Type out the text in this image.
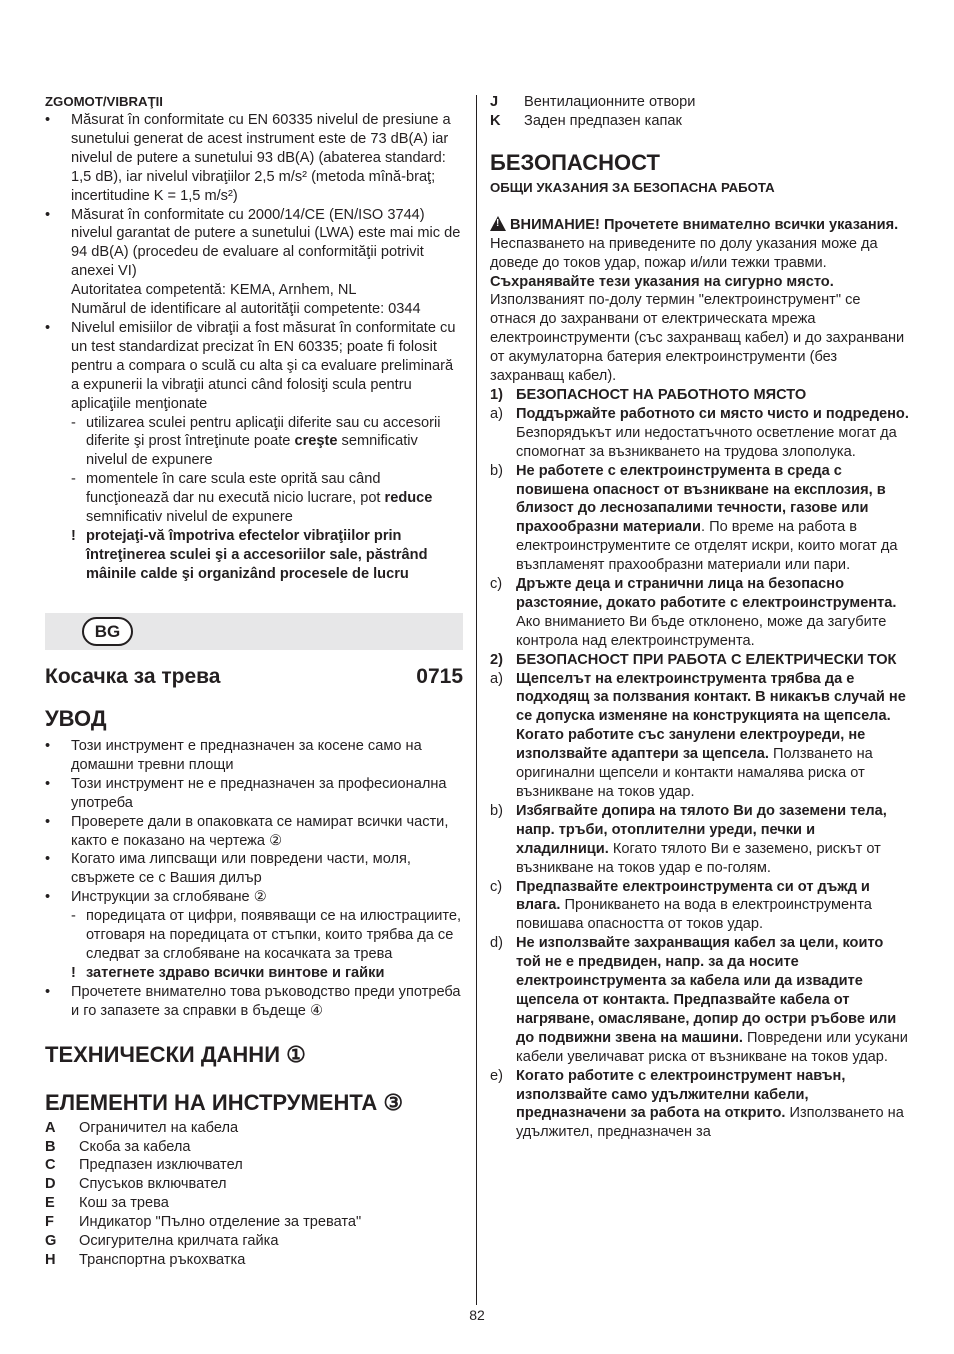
ZGOMOT/VIBRAŢII
•	Măsurat în conformitate cu EN 60335 nivelul de presiune a sunetului generat de acest instrument este de 73 dB(A) iar nivelul de putere a sunetului 93 dB(A) (abaterea standard: 1,5 dB), iar nivelul vibraţiilor 2,5 m/s² (metoda mînă-braţ; incertitudine K = 1,5 m/s²)
•	Măsurat în conformitate cu 2000/14/CE (EN/ISO 3744) nivelul garantat de putere a sunetului (LWA) este mai mic de 94 dB(A) (procedeu de evaluare al conformităţii potrivit anexei VI)
Autoritatea competentă: KEMA, Arnhem, NL
Numărul de identificare al autorităţii competente: 0344
•	Nivelul emisiilor de vibraţii a fost măsurat în conformitate cu un test standardizat precizat în EN 60335; poate fi folosit pentru a compara o sculă cu alta şi ca evaluare preliminară a expunerii la vibraţii atunci când folosiţi scula pentru aplicaţiile menţionate
- utilizarea sculei pentru aplicaţii diferite sau cu accesorii diferite şi prost întreţinute poate creşte semnificativ nivelul de expunere
- momentele în care scula este oprită sau când funcţionează dar nu execută nicio lucrare, pot reduce semnificativ nivelul de expunere
! protejaţi-vă împotriva efectelor vibraţiilor prin întreţinerea sculei şi a accesoriilor sale, păstrând mâinile calde şi organizând procesele de lucru
BG
Косачка за трева	0715
УВОД
•	Този инструмент е предназначен за косене само на домашни тревни площи
•	Този инструмент не е предназначен за професионална употреба
•	Проверете дали в опаковката се намират всички части, както е показано на чертежа ②
•	Когато има липсващи или повредени части, моля, свържете се с Вашия дилър
•	Инструкции за сглобяване ②
- поредицата от цифри, появяващи се на илюстрациите, отговаря на поредицата от стъпки, които трябва да се следват за сглобяване на косачката за трева
! затегнете здраво всички винтове и гайки
•	Прочетете внимателно това ръководство преди употреба и го запазете за справки в бъдеще ④
ТЕХНИЧЕСКИ ДАННИ ①
ЕЛЕМЕНТИ НА ИНСТРУМЕНТА ③
A	Ограничител на кабела
B	Скоба за кабела
C	Предпазен изключвател
D	Спусъков включвател
E	Кош за трева
F	Индикатор "Пълно отделение за тревата"
G	Осигурителна крилчата гайка
H	Транспортна ръкохватка
J	Вентилационните отвори
K	Заден предпазен капак
БЕЗОПАСНОСТ
ОБЩИ УКАЗАНИЯ ЗА БЕЗОПАСНА РАБОТА
!ВНИМАНИЕ! Прочетете внимателно всички указания. Неспазването на приведените по долу указания може да доведе до токов удар, пожар и/или тежки травми. Съхранявайте тези указания на сигурно място. Използваният по-долу термин "електроинструмент" се отнася до захранвани от електрическата мрежа електроинструменти (със захранващ кабел) и до захранвани от акумулаторна батерия електроинструменти (без захранващ кабел).
1) БЕЗОПАСНОСТ НА РАБОТНОТО МЯСТО
a) Поддържайте работното си място чисто и подредено. Безпорядъкът или недостатъчното осветление могат да спомогнат за възникването на трудова злополука.
b) Не работете с електроинструмента в среда с повишена опасност от възникване на експлозия, в близост до леснозапалими течности, газове или прахообразни материали. По време на работа в електроинструментите се отделят искри, които могат да възпламенят прахообразни материали или пари.
c) Дръжте деца и странични лица на безопасно разстояние, докато работите с електроинструмента. Ако вниманието Ви бъде отклонено, може да загубите контрола над електроинструмента.
2) БЕЗОПАСНОСТ ПРИ РАБОТА С ЕЛЕКТРИЧЕСКИ ТОК
a) Щепселът на електроинструмента трябва да е подходящ за ползвания контакт. В никакъв случай не се допуска изменяне на конструкцията на щепсела. Когато работите със занулени електроуреди, не използвайте адаптери за щепсела. Ползването на оригинални щепсели и контакти намалява риска от възникване на токов удар.
b) Избягвайте допира на тялото Ви до заземени тела, напр. тръби, отоплителни уреди, печки и хладилници. Когато тялото Ви е заземено, рискът от възникване на токов удар е по-голям.
c) Предпазвайте електроинструмента си от дъжд и влага. Проникването на вода в електроинструмента повишава опасността от токов удар.
d) Не използвайте захранващия кабел за цели, които той не е предвиден, напр. за да носите електроинструмента за кабела или да извадите щепсела от контакта. Предпазвайте кабела от нагряване, омасляване, допир до остри ръбове или до подвижни звена на машини. Повредени или усукани кабели увеличават риска от възникване на токов удар.
e) Когато работите с електроинструмент навън, използвайте само удължителни кабели, предназначени за работа на открито. Използването на удължител, предназначен за
82
